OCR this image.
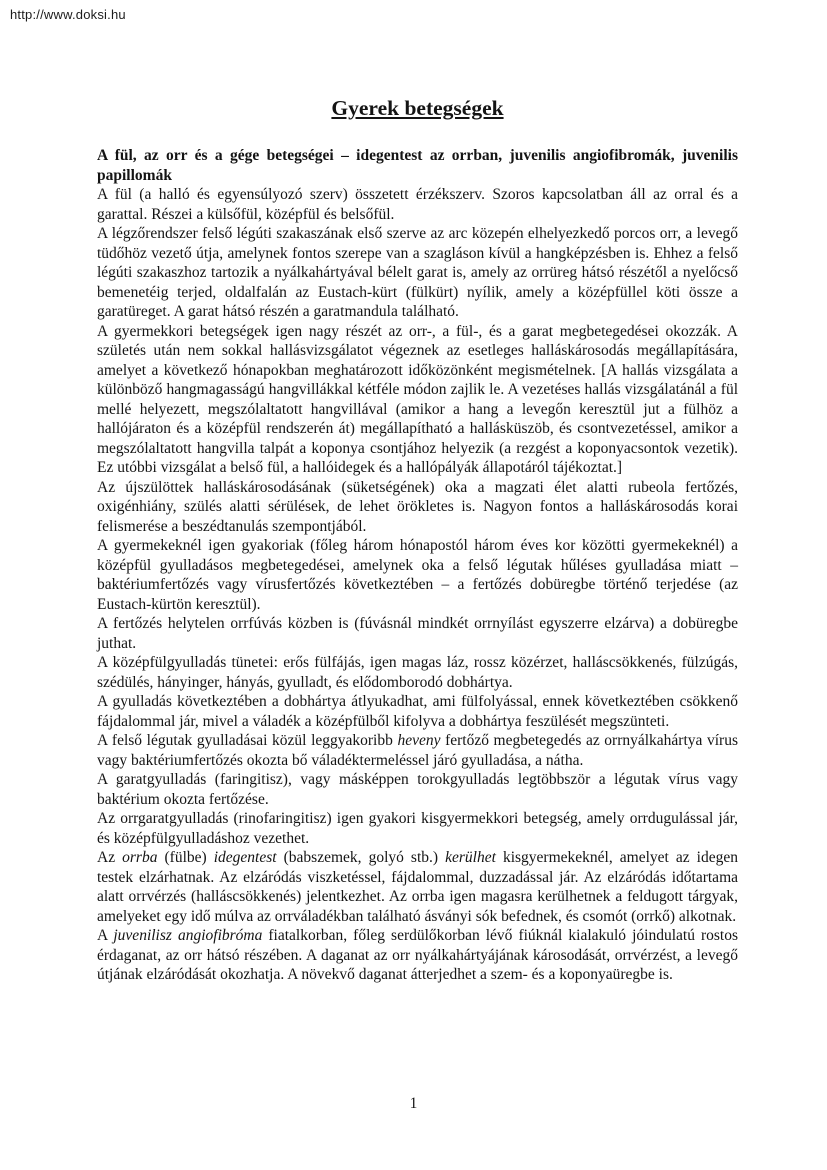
http://www.doksi.hu
Gyerek betegségek

A fül, az orr és a gége betegségei – idegentest az orrban, juvenilis angiofibromák, juvenilis papillomák

A fül (a halló és egyensúlyozó szerv) összetett érzékszerv. Szoros kapcsolatban áll az orral és a garattal. Részei a külsőfül, középfül és belsőfül.

A légzőrendszer felső légúti szakaszának első szerve az arc közepén elhelyezkedő porcos orr, a levegő tüdőhöz vezető útja, amelynek fontos szerepe van a szagláson kívül a hangképzésben is. Ehhez a felső légúti szakaszhoz tartozik a nyálkahártyával bélelt garat is, amely az orrüreg hátsó részétől a nyelőcső bemenetéig terjed, oldalfalán az Eustach-kürt (fülkürt) nyílik, amely a középfüllel köti össze a garatüreget. A garat hátsó részén a garatmandula található.

A gyermekkori betegségek igen nagy részét az orr-, a fül-, és a garat megbetegedései okozzák. A születés után nem sokkal hallásvizsgálatot végeznek az esetleges halláskárosodás megállapítására, amelyet a következő hónapokban meghatározott időközönként megismételnek. [A hallás vizsgálata a különböző hangmagasságú hangvillákkal kétféle módon zajlik le. A vezetéses hallás vizsgálatánál a fül mellé helyezett, megszólaltatott hangvillával (amikor a hang a levegőn keresztül jut a fülhöz a hallójáraton és a középfül rendszerén át) megállapítható a hallásküszöb, és csontvezetéssel, amikor a megszólaltatott hangvilla talpát a koponya csontjához helyezik (a rezgést a koponyacsontok vezetik). Ez utóbbi vizsgálat a belső fül, a hallóidegek és a hallópályák állapotáról tájékoztat.]

Az újszülöttek halláskárosodásának (süketségének) oka a magzati élet alatti rubeola fertőzés, oxigénhiány, szülés alatti sérülések, de lehet örökletes is. Nagyon fontos a halláskárosodás korai felismerése a beszédtanulás szempontjából.

A gyermekeknél igen gyakoriak (főleg három hónapostól három éves kor közötti gyermekeknél) a középfül gyulladásos megbetegedései, amelynek oka a felső légutak hűléses gyulladása miatt – baktériumfertőzés vagy vírusfertőzés következtében – a fertőzés dobüregbe történő terjedése (az Eustach-kürtön keresztül).

A fertőzés helytelen orrfúvás közben is (fúvásnál mindkét orrnyílást egyszerre elzárva) a dobüregbe juthat.

A középfülgyulladás tünetei: erős fülfájás, igen magas láz, rossz közérzet, halláscsökkenés, fülzúgás, szédülés, hányinger, hányás, gyulladt, és elődomborodó dobhártya.

A gyulladás következtében a dobhártya átlyukadhat, ami fülfolyással, ennek következtében csökkenő fájdalommal jár, mivel a váladék a középfülből kifolyva a dobhártya feszülését megszünteti.

A felső légutak gyulladásai közül leggyakoribb heveny fertőző megbetegedés az orrnyálkahártya vírus vagy baktériumfertőzés okozta bő váladéktermeléssel járó gyulladása, a nátha.

A garatgyulladás (faringitisz), vagy másképpen torokgyulladás legtöbbször a légutak vírus vagy baktérium okozta fertőzése.

Az orrgaratgyulladás (rinofaringitisz) igen gyakori kisgyermekkori betegség, amely orrdugulással jár, és középfülgyulladáshoz vezethet.

Az orrba (fülbe) idegentest (babszemek, golyó stb.) kerülhet kisgyermekeknél, amelyet az idegen testek elzárhatnak. Az elzáródás viszketéssel, fájdalommal, duzzadással jár. Az elzáródás időtartama alatt orrvérzés (halláscsökkenés) jelentkezhet. Az orrba igen magasra kerülhetnek a feldugott tárgyak, amelyeket egy idő múlva az orrváladékban található ásványi sók befednek, és csomót (orrkő) alkotnak.

A juvenilisz angiofibróma fiatalkorban, főleg serdülőkorban lévő fiúknál kialakuló jóindulatú rostos érdaganat, az orr hátsó részében. A daganat az orr nyálkahártyájának károsodását, orrvérzést, a levegő útjának elzáródását okozhatja. A növekvő daganat átterjedhet a szem- és a koponyaüregbe is.

1
